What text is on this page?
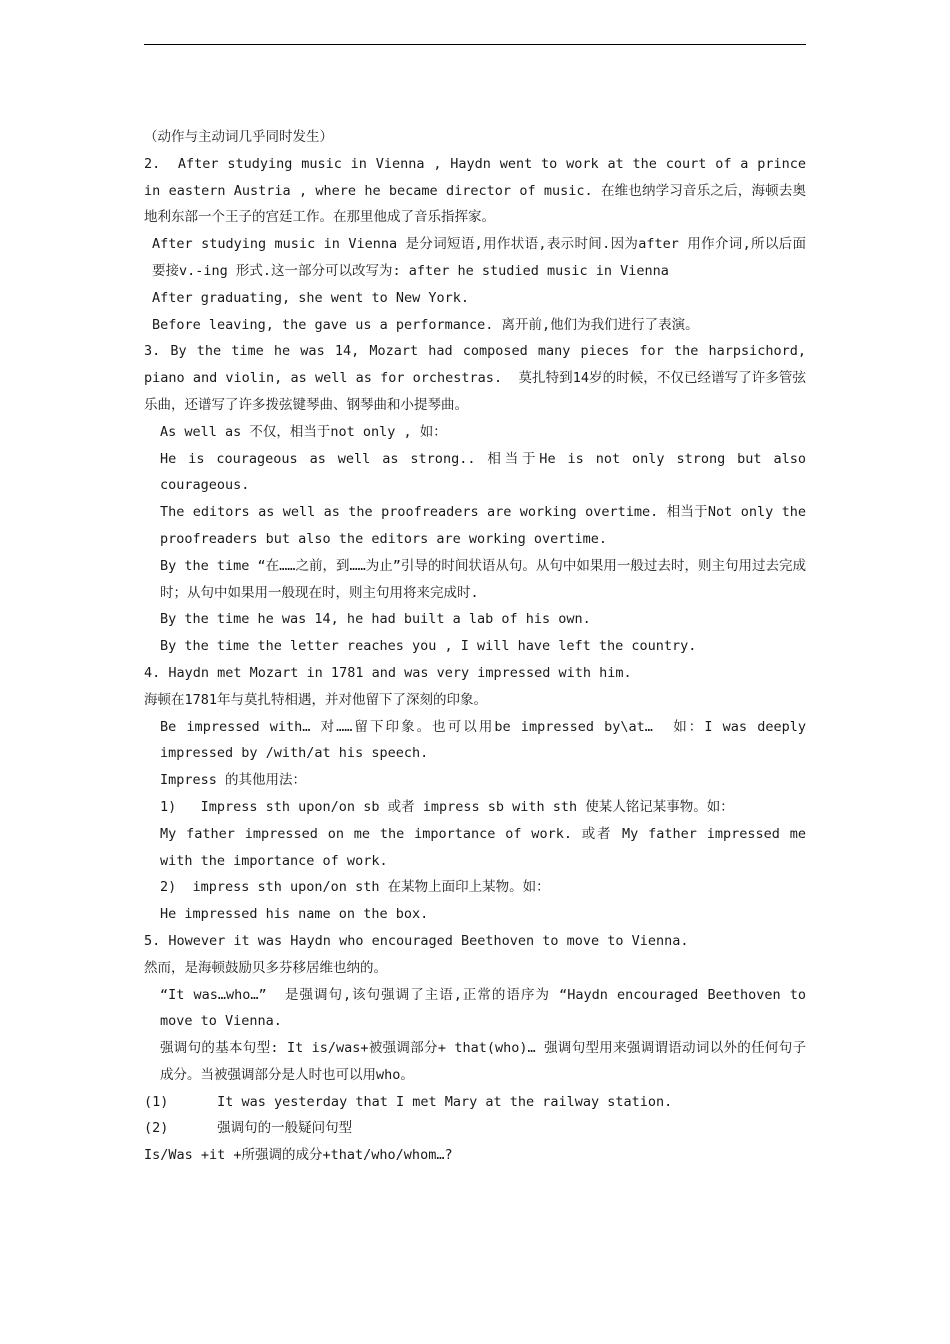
（动作与主动词几乎同时发生）

2.  After studying music in Vienna , Haydn went to work at the court of a prince in eastern Austria , where he became director of music. 在维也纳学习音乐之后，海顿去奥地利东部一个王子的宫廷工作。在那里他成了音乐指挥家。

After studying music in Vienna 是分词短语,用作状语,表示时间.因为after 用作介词,所以后面要接v.-ing 形式.这一部分可以改写为: after he studied music in Vienna

After graduating, she went to New York.

Before leaving, the gave us a performance. 离开前,他们为我们进行了表演。

3. By the time he was 14, Mozart had composed many pieces for the harpsichord, piano and violin, as well as for orchestras.  莫扎特到14岁的时候，不仅已经谱写了许多管弦乐曲，还谱写了许多拨弦键琴曲、钢琴曲和小提琴曲。

As well as 不仅，相当于not only , 如：

He is courageous as well as strong.. 相当于He is not only strong but also courageous.

The editors as well as the proofreaders are working overtime. 相当于Not only the proofreaders but also the editors are working overtime.

By the time “在……之前，到……为止”引导的时间状语从句。从句中如果用一般过去时，则主句用过去完成时；从句中如果用一般现在时，则主句用将来完成时.

By the time he was 14, he had built a lab of his own.

By the time the letter reaches you , I will have left the country.

4. Haydn met Mozart in 1781 and was very impressed with him.

海顿在1781年与莫扎特相遇，并对他留下了深刻的印象。

Be impressed with… 对……留下印象。也可以用be impressed by\at…  如：I was deeply impressed by /with/at his speech.

Impress 的其他用法：

1)   Impress sth upon/on sb 或者 impress sb with sth 使某人铭记某事物。如：

My father impressed on me the importance of work. 或者 My father impressed me with the importance of work.

2)  impress sth upon/on sth 在某物上面印上某物。如：

He impressed his name on the box.

5. However it was Haydn who encouraged Beethoven to move to Vienna.

然而，是海顿鼓励贝多芬移居维也纳的。

“It was…who…”  是强调句,该句强调了主语,正常的语序为 “Haydn encouraged Beethoven to move to Vienna.

强调句的基本句型: It is/was+被强调部分+ that(who)… 强调句型用来强调谓语动词以外的任何句子成分。当被强调部分是人时也可以用who。

(1)      It was yesterday that I met Mary at the railway station.

(2)      强调句的一般疑问句型

Is/Was +it +所强调的成分+that/who/whom…?
